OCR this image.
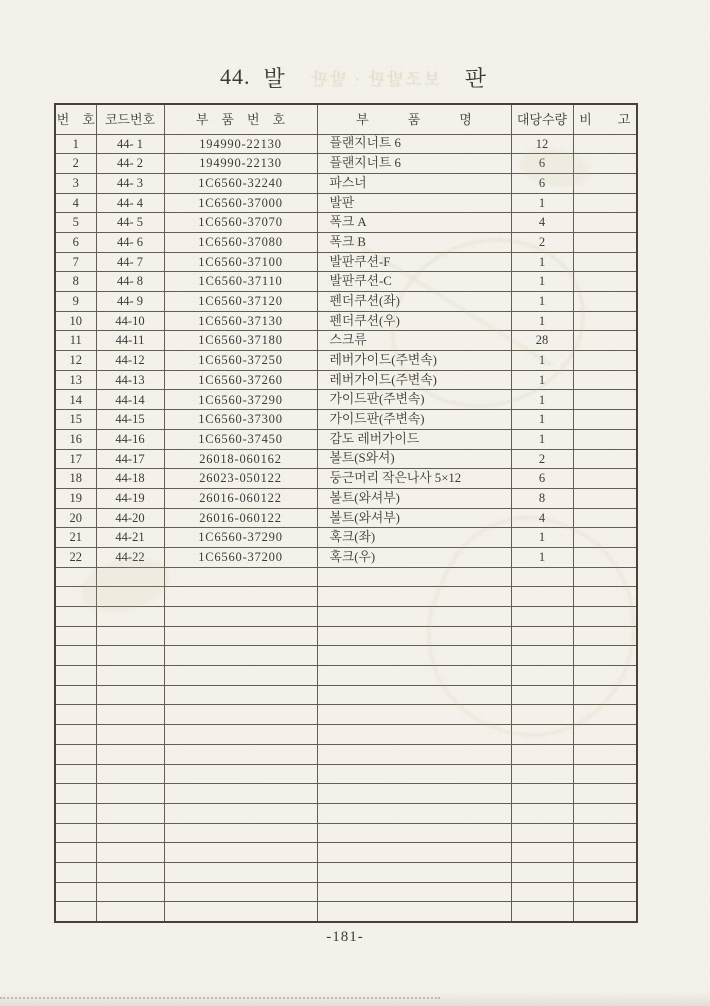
44. 발	보조발판 · 발판	판
번　호	코드번호	부　품　번　호	부　　　품　　　명	대당수량	비　　고
1	44- 1	194990-22130	플랜지너트 6	12	
2	44- 2	194990-22130	플랜지너트 6	6	
3	44- 3	1C6560-32240	파스너	6	
4	44- 4	1C6560-37000	발판	1	
5	44- 5	1C6560-37070	폭크 A	4	
6	44- 6	1C6560-37080	폭크 B	2	
7	44- 7	1C6560-37100	발판쿠션-F	1	
8	44- 8	1C6560-37110	발판쿠션-C	1	
9	44- 9	1C6560-37120	펜더쿠션(좌)	1	
10	44-10	1C6560-37130	펜더쿠션(우)	1	
11	44-11	1C6560-37180	스크류	28	
12	44-12	1C6560-37250	레버가이드(주변속)	1	
13	44-13	1C6560-37260	레버가이드(주변속)	1	
14	44-14	1C6560-37290	가이드판(주변속)	1	
15	44-15	1C6560-37300	가이드판(주변속)	1	
16	44-16	1C6560-37450	감도 레버가이드	1	
17	44-17	26018-060162	볼트(S와셔)	2	
18	44-18	26023-050122	둥근머리 작은나사 5×12	6	
19	44-19	26016-060122	볼트(와셔부)	8	
20	44-20	26016-060122	볼트(와셔부)	4	
21	44-21	1C6560-37290	혹크(좌)	1	
22	44-22	1C6560-37200	혹크(우)	1	

-181-
